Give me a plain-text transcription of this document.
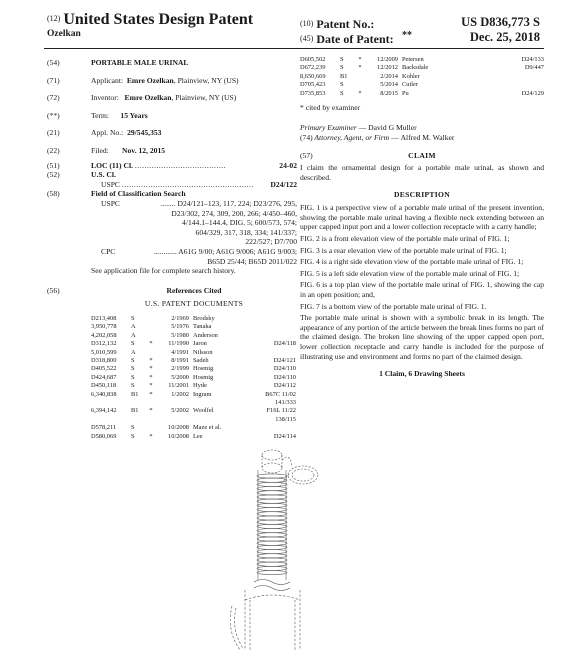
(12) United States Design Patent
Ozelkan
(10) Patent No.:	US D836,773 S
(45) Date of Patent: **	Dec. 25, 2018
(54)	PORTABLE MALE URINAL
(71)	Applicant: Emre Ozelkan, Plainview, NY (US)
(72)	Inventor: Emre Ozelkan, Plainview, NY (US)
(**)	Term: 15 Years
(21)	Appl. No.: 29/545,353
(22)	Filed: Nov. 12, 2015
(51)	LOC (11) Cl. ......................................	24-02
(52)	U.S. Cl.
USPC ....................................................... D24/122
(58)	Field of Classification Search
USPC	........ D24/121–123, 117, 224; D23/276, 295,
D23/302, 274, 309, 200, 266; 4/450–460,
4/144.1–144.4, DIG. 5; 600/573, 574;
604/329, 317, 318, 334; 141/337;
222/527; D7/700
CPC	............ A61G 9/00; A61G 9/006; A61G 9/003;
B65D 25/44; B65D 2011/022
See application file for complete search history.
(56)	References Cited
U.S. PATENT DOCUMENTS
D213,408	S		2/1969	Brodsky

3,950,778	A		5/1976	Tanaka

4,202,058	A		5/1980	Anderson

D312,132	S	*	11/1990	Jaron D24/118

5,010,599	A		4/1991	Nilsson

D318,800	S	*	8/1991	Sadeh D24/121

D405,522	S	*	2/1999	Hosmig D24/110

D424,687	S	*	5/2000	Hosmig D24/110

D450,118	S	*	11/2001	Hyde D24/112

6,340,838	B1	*	1/2002	Ingram B67C 11/02

				141/333
6,394,142	B1	*	5/2002	Woolfel F16L 11/22

				138/115
D578,211	S		10/2008	Maze et al.

D580,069	S	*	10/2008	Lee D24/114
D605,502	S	*	12/2009	Petersen D24/133

D672,239	S	*	12/2012	Backsdale D9/447

8,650,669	B1		2/2014	Kohler

D705,423	S		5/2014	Cutler

D735,853	S	*	8/2015	Pu D24/129
* cited by examiner
Primary Examiner — David G Muller
(74) Attorney, Agent, or Firm — Alfred M. Walker
(57)	CLAIM

I claim the ornamental design for a portable male urinal, as shown and described.

DESCRIPTION

FIG. 1 is a perspective view of a portable male urinal of the present invention, showing the portable male urinal having a flexible neck extending between an upper capped input port and a lower collection receptacle with a carry handle;

FIG. 2 is a front elevation view of the portable male urinal of FIG. 1;

FIG. 3 is a rear elevation view of the portable male urinal of FIG. 1;

FIG. 4 is a right side elevation view of the portable male urinal of FIG. 1;

FIG. 5 is a left side elevation view of the portable male urinal of FIG. 1;

FIG. 6 is a top plan view of the portable male urinal of FIG. 1, showing the cap in an open position; and,

FIG. 7 is a bottom view of the portable male urinal of FIG. 1.

The portable male urinal is shown with a symbolic break in its length. The appearance of any portion of the article between the break lines forms no part of the claimed design. The broken line showing of the upper capped open port, lower collection receptacle and carry handle is included for the purpose of illustrating use and environment and forms no part of the claimed design.

1 Claim, 6 Drawing Sheets
